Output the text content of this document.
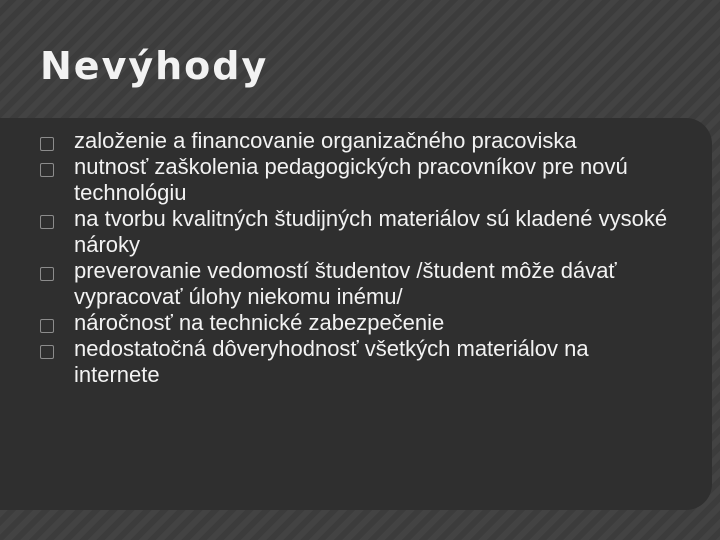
Nevýhody
založenie a financovanie organizačného pracoviska
nutnosť zaškolenia pedagogických pracovníkov pre novú technológiu
na tvorbu kvalitných študijných materiálov sú kladené vysoké nároky
preverovanie vedomostí študentov /študent môže dávať vypracovať úlohy niekomu inému/
náročnosť na technické zabezpečenie
nedostatočná dôveryhodnosť všetkých materiálov na internete
